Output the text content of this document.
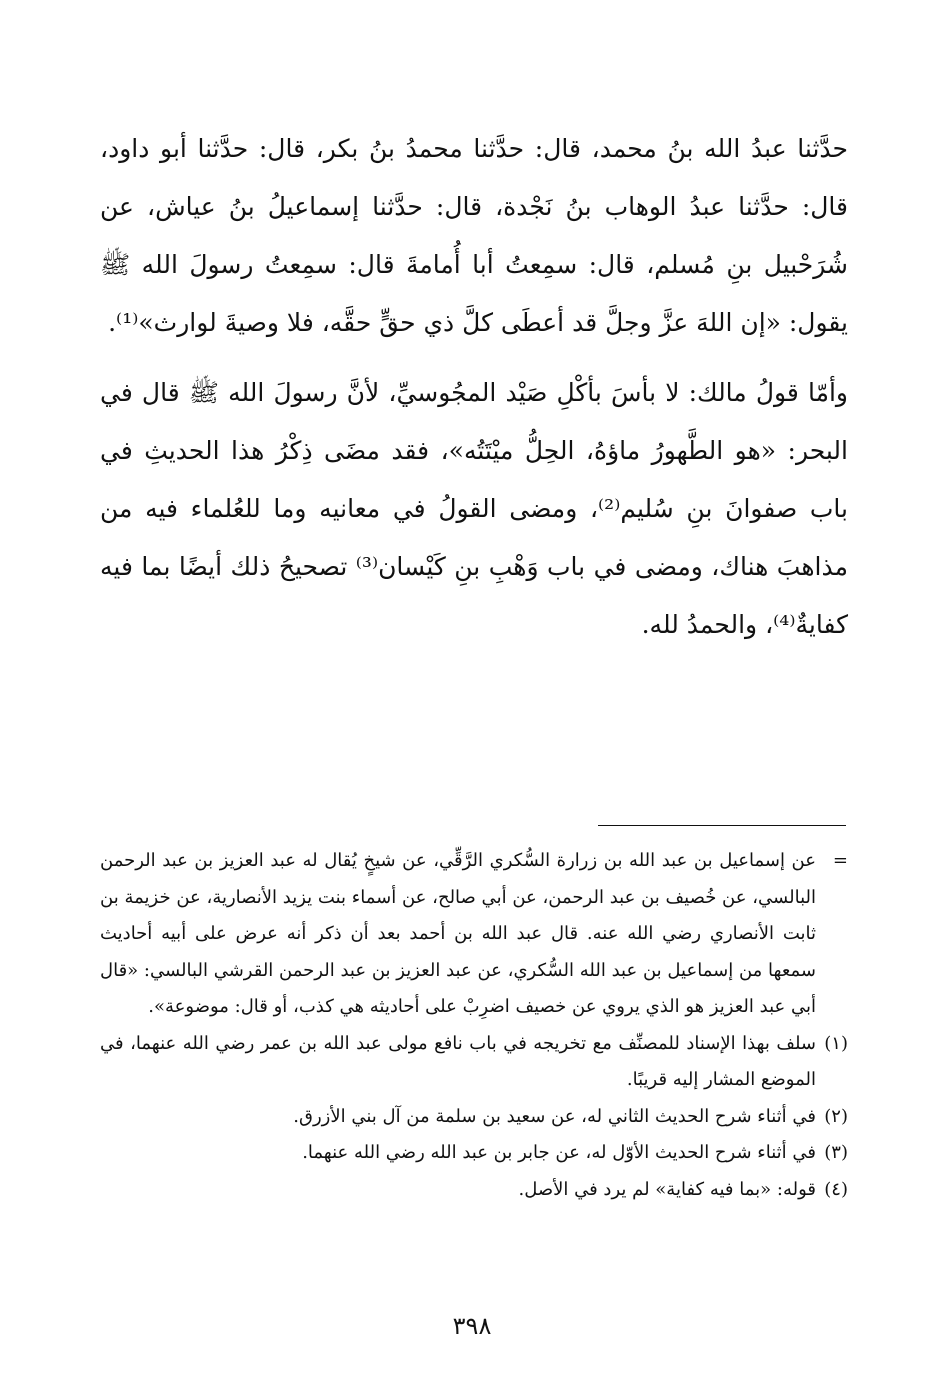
حدَّثنا عبدُ الله بنُ محمد، قال: حدَّثنا محمدُ بنُ بكر، قال: حدَّثنا أبو داود، قال: حدَّثنا عبدُ الوهاب بنُ نَجْدة، قال: حدَّثنا إسماعيلُ بنُ عياش، عن شُرَحْبيل بنِ مُسلم، قال: سمِعتُ أبا أُمامةَ قال: سمِعتُ رسولَ الله ﷺ يقول: «إن اللهَ عزَّ وجلَّ قد أعطَى كلَّ ذي حقٍّ حقَّه، فلا وصيةَ لوارث»⁽¹⁾.

وأمّا قولُ مالك: لا بأسَ بأكْلِ صَيْد المجُوسيِّ، لأنَّ رسولَ الله ﷺ قال في البحر: «هو الطَّهورُ ماؤهُ، الحِلُّ ميْتَتُه»، فقد مضَى ذِكْرُ هذا الحديثِ في باب صفوانَ بنِ سُليم⁽²⁾، ومضى القولُ في معانيه وما للعُلماء فيه من مذاهبَ هناك، ومضى في باب وَهْبِ بنِ كَيْسان⁽³⁾ تصحيحُ ذلك أيضًا بما فيه كفايةٌ⁽⁴⁾، والحمدُ لله.

=
عن إسماعيل بن عبد الله بن زرارة السُّكري الرَّقِّي، عن شيخٍ يُقال له عبد العزيز بن عبد الرحمن البالسي، عن خُصيف بن عبد الرحمن، عن أبي صالح، عن أسماء بنت يزيد الأنصارية، عن خزيمة بن ثابت الأنصاري رضي الله عنه. قال عبد الله بن أحمد بعد أن ذكر أنه عرض على أبيه أحاديث سمعها من إسماعيل بن عبد الله السُّكري، عن عبد العزيز بن عبد الرحمن القرشي البالسي: «قال أبي عبد العزيز هو الذي يروي عن خصيف اضرِبْ على أحاديثه هي كذب، أو قال: موضوعة».

(١)
سلف بهذا الإسناد للمصنِّف مع تخريجه في باب نافع مولى عبد الله بن عمر رضي الله عنهما، في الموضع المشار إليه قريبًا.

(٢)
في أثناء شرح الحديث الثاني له، عن سعيد بن سلمة من آل بني الأزرق.

(٣)
في أثناء شرح الحديث الأوّل له، عن جابر بن عبد الله رضي الله عنهما.

(٤)
قوله: «بما فيه كفاية» لم يرد في الأصل.

٣٩٨
